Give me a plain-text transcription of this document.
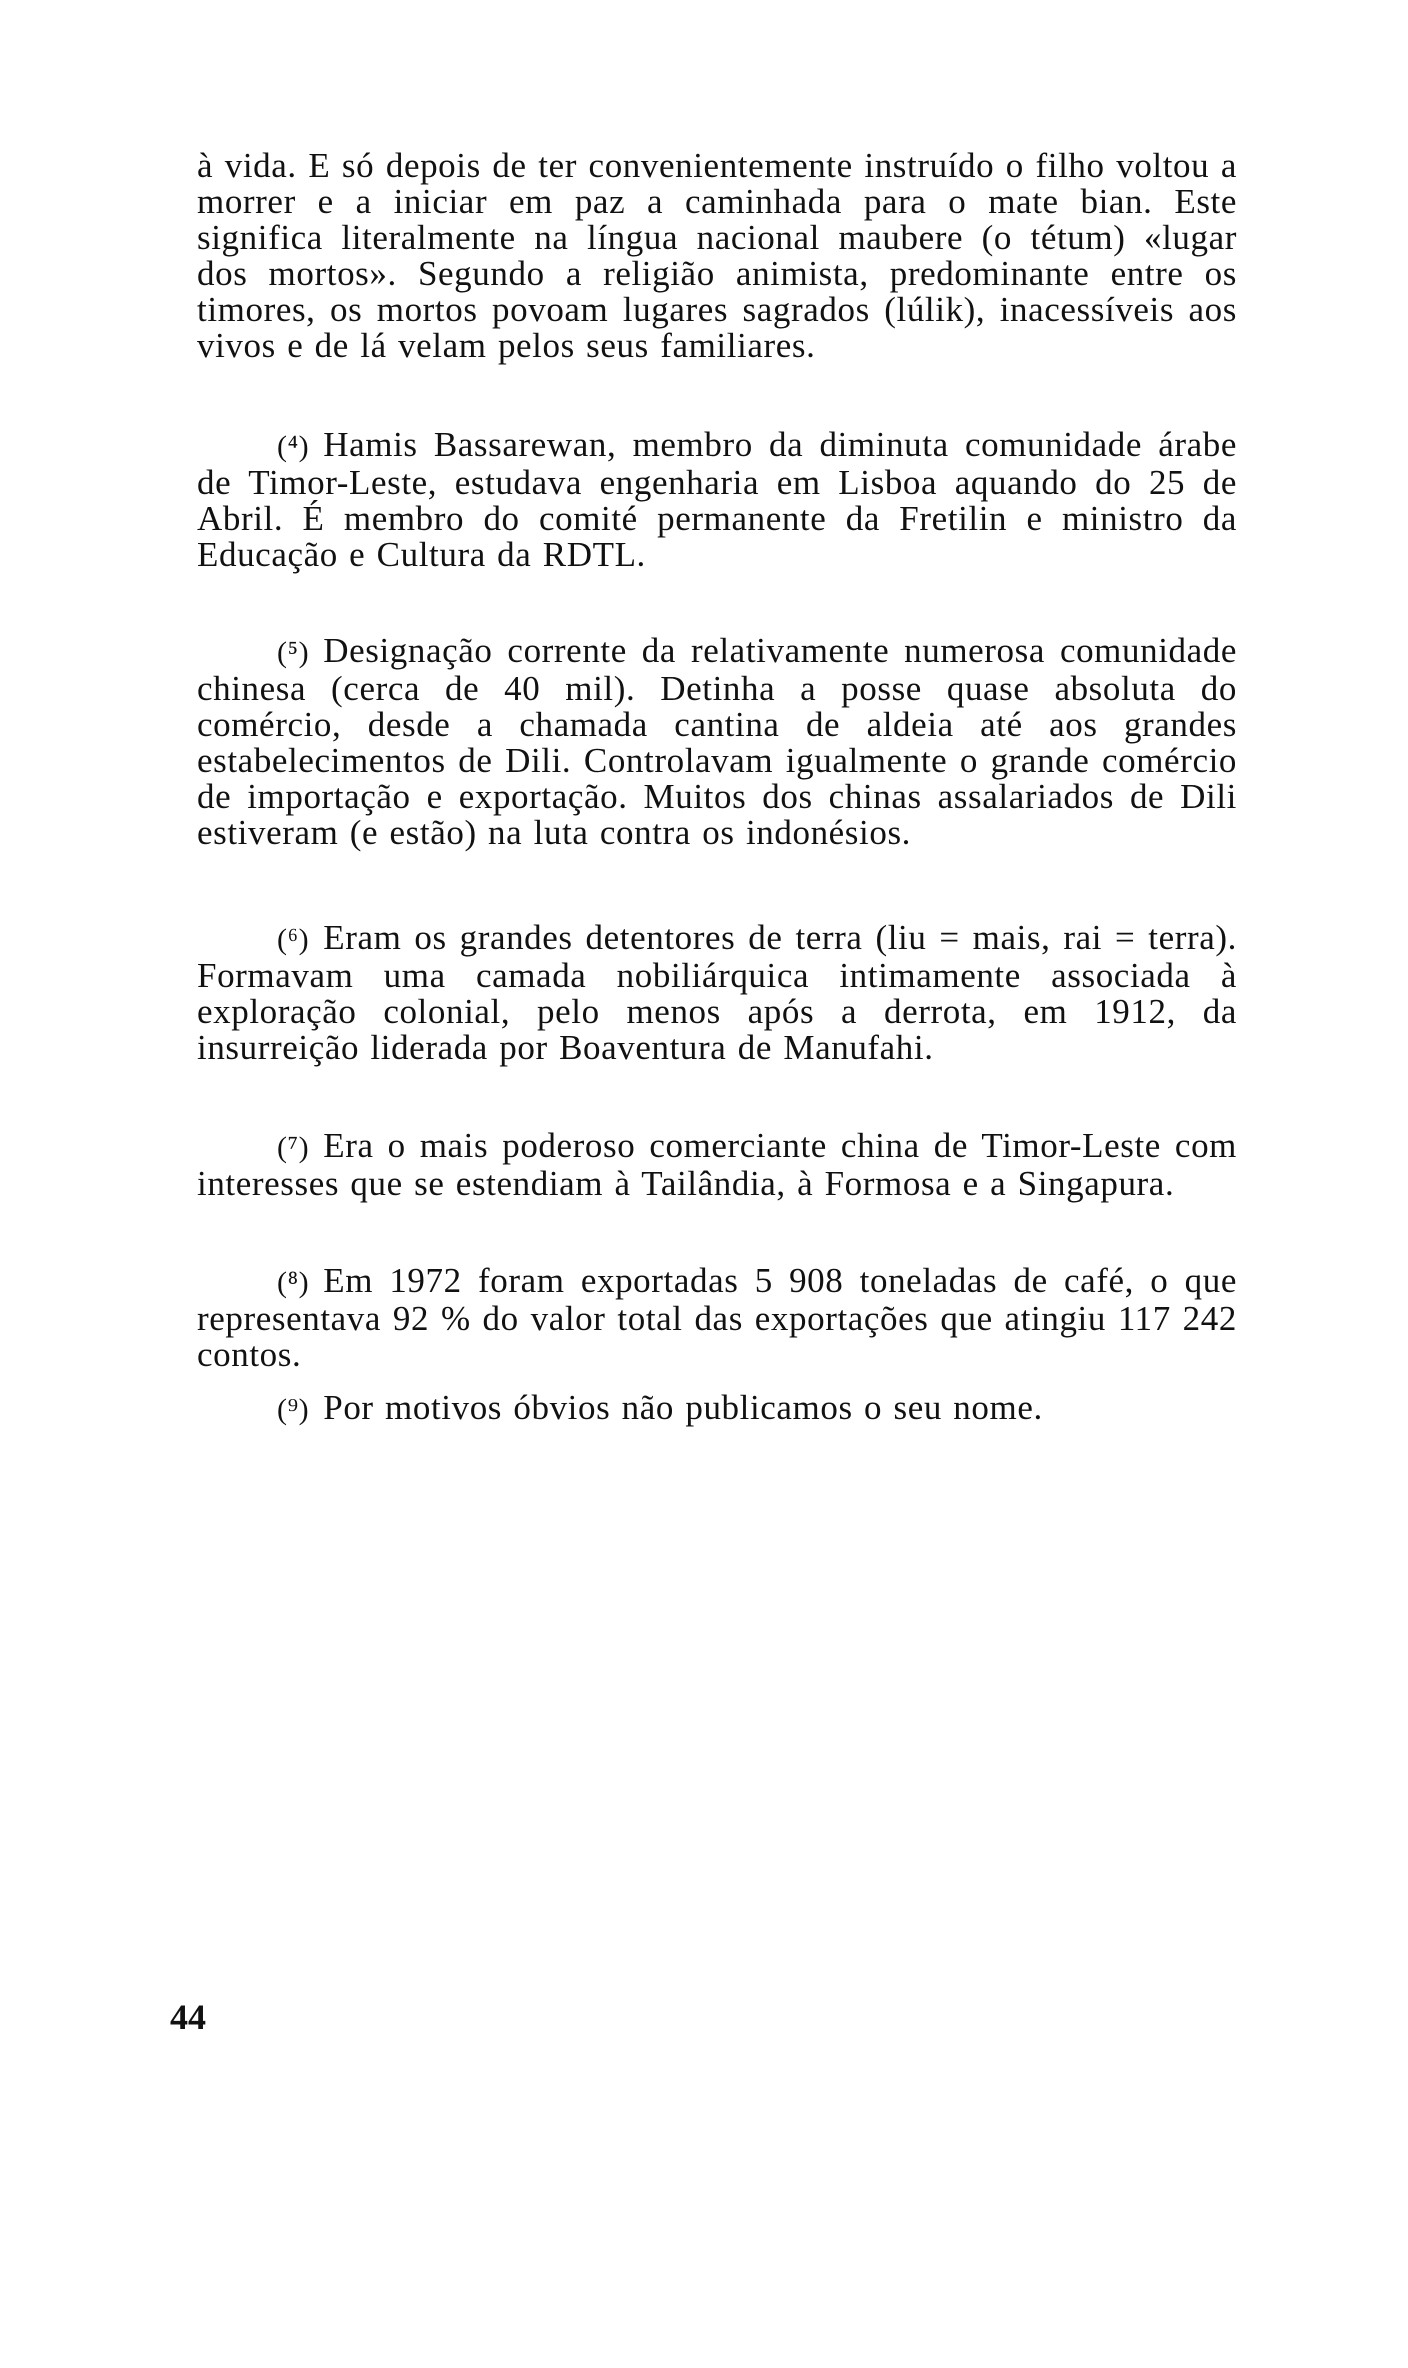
à vida. E só depois de ter convenientemente instruído o filho voltou a morrer e a iniciar em paz a caminhada para o mate bian. Este significa literalmente na língua nacional maubere (o tétum) «lugar dos mortos». Segundo a religião animista, predominante entre os timores, os mortos povoam lugares sagrados (lúlik), inacessíveis aos vivos e de lá velam pelos seus familiares.
(⁴) Hamis Bassarewan, membro da diminuta comunidade árabe de Timor-Leste, estudava engenharia em Lisboa aquando do 25 de Abril. É membro do comité permanente da Fretilin e ministro da Educação e Cultura da RDTL.
(⁵) Designação corrente da relativamente numerosa comunidade chinesa (cerca de 40 mil). Detinha a posse quase absoluta do comércio, desde a chamada cantina de aldeia até aos grandes estabelecimentos de Dili. Controlavam igualmente o grande comércio de importação e exportação. Muitos dos chinas assalariados de Dili estiveram (e estão) na luta contra os indonésios.
(⁶) Eram os grandes detentores de terra (liu = mais, rai = terra). Formavam uma camada nobiliárquica intimamente associada à exploração colonial, pelo menos após a derrota, em 1912, da insurreição liderada por Boaventura de Manufahi.
(⁷) Era o mais poderoso comerciante china de Timor-Leste com interesses que se estendiam à Tailândia, à Formosa e a Singapura.
(⁸) Em 1972 foram exportadas 5 908 toneladas de café, o que representava 92 % do valor total das exportações que atingiu 117 242 contos.
(⁹) Por motivos óbvios não publicamos o seu nome.
44
